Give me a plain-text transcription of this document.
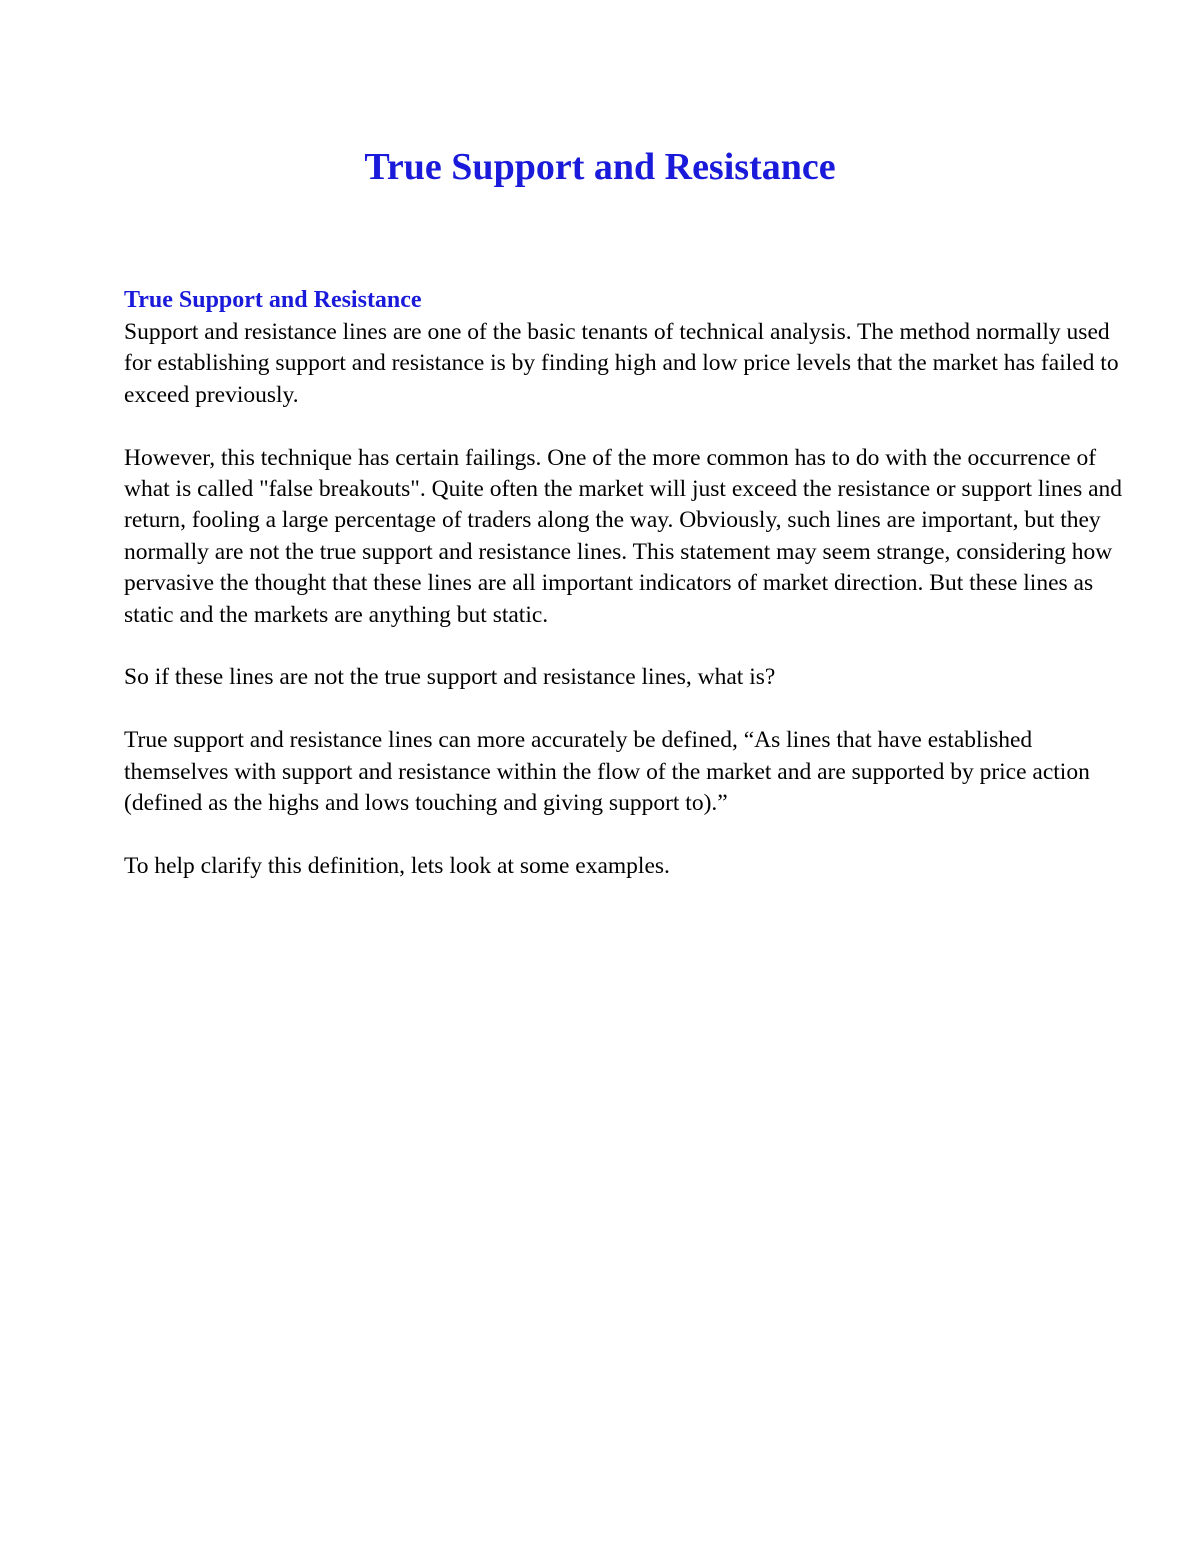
True Support and Resistance
True Support and Resistance

Support and resistance lines are one of the basic tenants of technical analysis. The method normally used for establishing support and resistance is by finding high and low price levels that the market has failed to exceed previously.

However, this technique has certain failings. One of the more common has to do with the occurrence of what is called "false breakouts". Quite often the market will just exceed the resistance or support lines and return, fooling a large percentage of traders along the way. Obviously, such lines are important, but they normally are not the true support and resistance lines. This statement may seem strange, considering how pervasive the thought that these lines are all important indicators of market direction. But these lines as static and the markets are anything but static.

So if these lines are not the true support and resistance lines, what is?

True support and resistance lines can more accurately be defined, “As lines that have established themselves with support and resistance within the flow of the market and are supported by price action (defined as the highs and lows touching and giving support to).”

To help clarify this definition, lets look at some examples.
